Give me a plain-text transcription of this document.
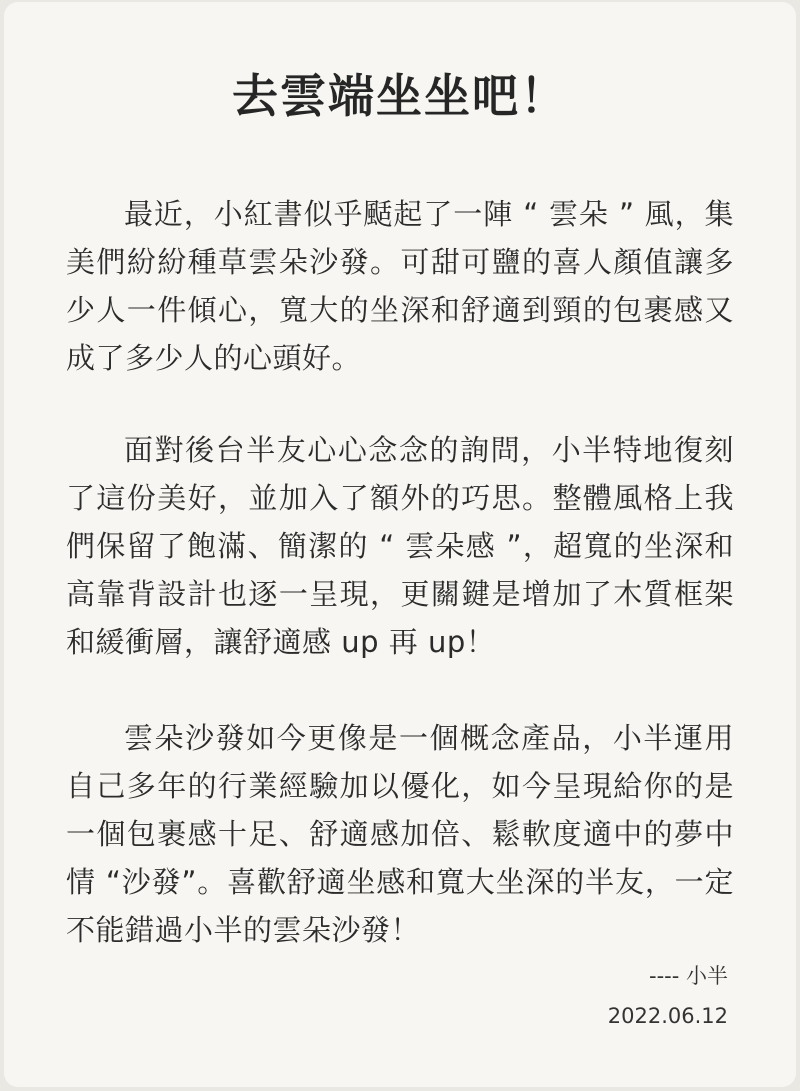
去雲端坐坐吧！

最近，小紅書似乎颳起了一陣 “ 雲朵 ” 風，集美們紛紛種草雲朵沙發。可甜可鹽的喜人顏值讓多少人一件傾心，寬大的坐深和舒適到頸的包裹感又成了多少人的心頭好。

面對後台半友心心念念的詢問，小半特地復刻了這份美好，並加入了額外的巧思。整體風格上我們保留了飽滿、簡潔的 “ 雲朵感 ”，超寬的坐深和高靠背設計也逐一呈現，更關鍵是增加了木質框架和緩衝層，讓舒適感 up 再 up！

雲朵沙發如今更像是一個概念產品，小半運用自己多年的行業經驗加以優化，如今呈現給你的是一個包裹感十足、舒適感加倍、鬆軟度適中的夢中情 “沙發”。喜歡舒適坐感和寬大坐深的半友，一定不能錯過小半的雲朵沙發！

---- 小半

2022.06.12
